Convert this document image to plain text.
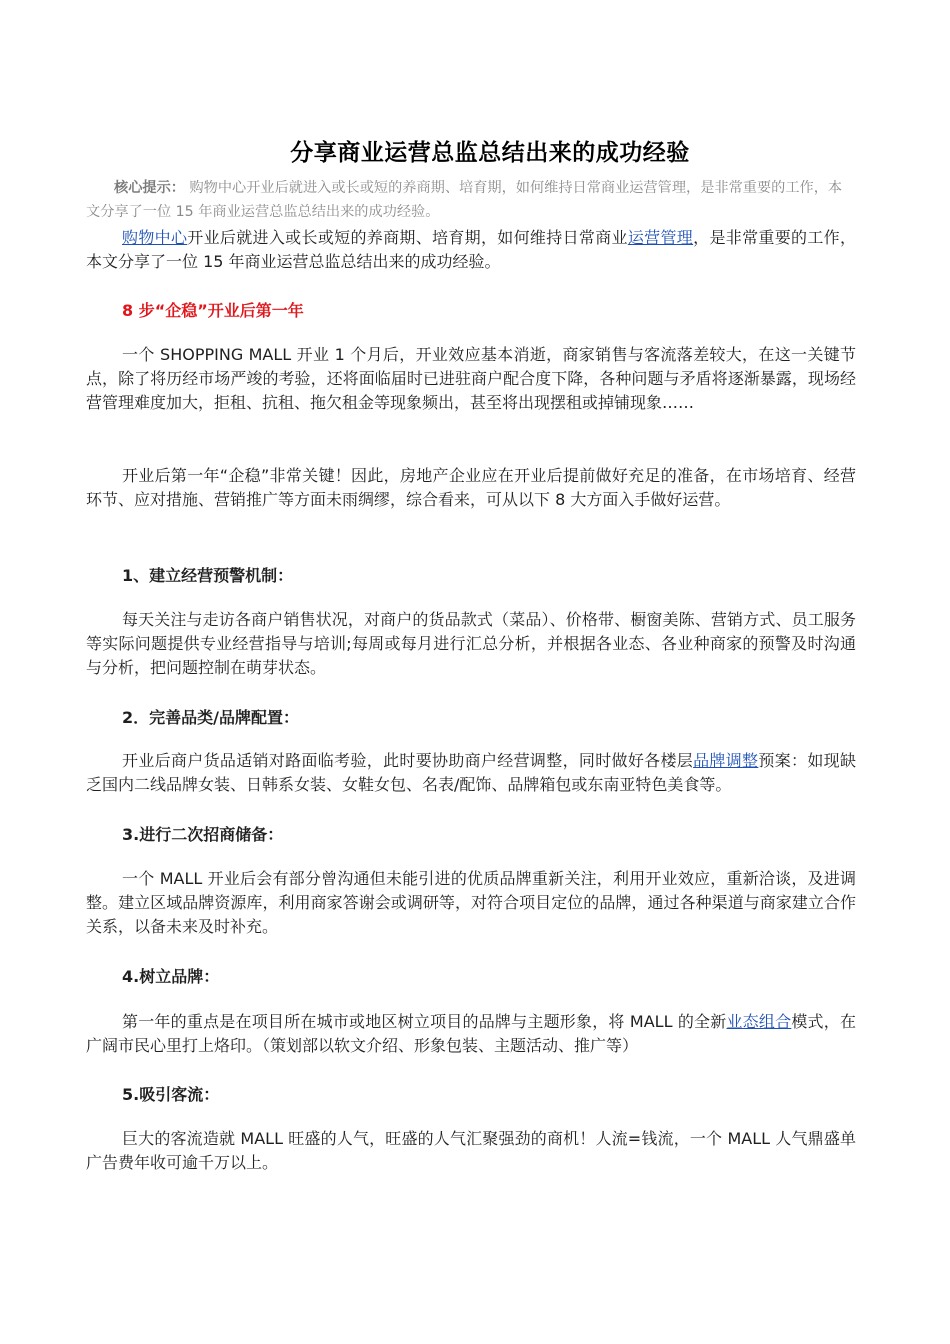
分享商业运营总监总结出来的成功经验
核心提示： 购物中心开业后就进入或长或短的养商期、培育期，如何维持日常商业运营管理，是非常重要的工作，本文分享了一位 15 年商业运营总监总结出来的成功经验。
购物中心开业后就进入或长或短的养商期、培育期，如何维持日常商业运营管理，是非常重要的工作，本文分享了一位 15 年商业运营总监总结出来的成功经验。
8 步“企稳”开业后第一年
一个 SHOPPING MALL 开业 1 个月后，开业效应基本消逝，商家销售与客流落差较大，在这一关键节点，除了将历经市场严竣的考验，还将面临届时已进驻商户配合度下降，各种问题与矛盾将逐渐暴露，现场经营管理难度加大，拒租、抗租、拖欠租金等现象频出，甚至将出现摆租或掉铺现象……
开业后第一年“企稳”非常关键！因此，房地产企业应在开业后提前做好充足的准备，在市场培育、经营环节、应对措施、营销推广等方面未雨绸缪，综合看来，可从以下 8 大方面入手做好运营。
1、建立经营预警机制：
每天关注与走访各商户销售状况，对商户的货品款式（菜品）、价格带、橱窗美陈、营销方式、员工服务等实际问题提供专业经营指导与培训;每周或每月进行汇总分析，并根据各业态、各业种商家的预警及时沟通与分析，把问题控制在萌芽状态。
2．完善品类/品牌配置：
开业后商户货品适销对路面临考验，此时要协助商户经营调整，同时做好各楼层品牌调整预案：如现缺乏国内二线品牌女装、日韩系女装、女鞋女包、名表/配饰、品牌箱包或东南亚特色美食等。
3.进行二次招商储备：
一个 MALL 开业后会有部分曾沟通但未能引进的优质品牌重新关注，利用开业效应，重新洽谈，及进调整。建立区域品牌资源库，利用商家答谢会或调研等，对符合项目定位的品牌，通过各种渠道与商家建立合作关系，以备未来及时补充。
4.树立品牌：
第一年的重点是在项目所在城市或地区树立项目的品牌与主题形象，将 MALL 的全新业态组合模式，在广阔市民心里打上烙印。（策划部以软文介绍、形象包装、主题活动、推广等）
5.吸引客流：
巨大的客流造就 MALL 旺盛的人气，旺盛的人气汇聚强劲的商机！人流=钱流，一个 MALL 人气鼎盛单广告费年收可逾千万以上。
